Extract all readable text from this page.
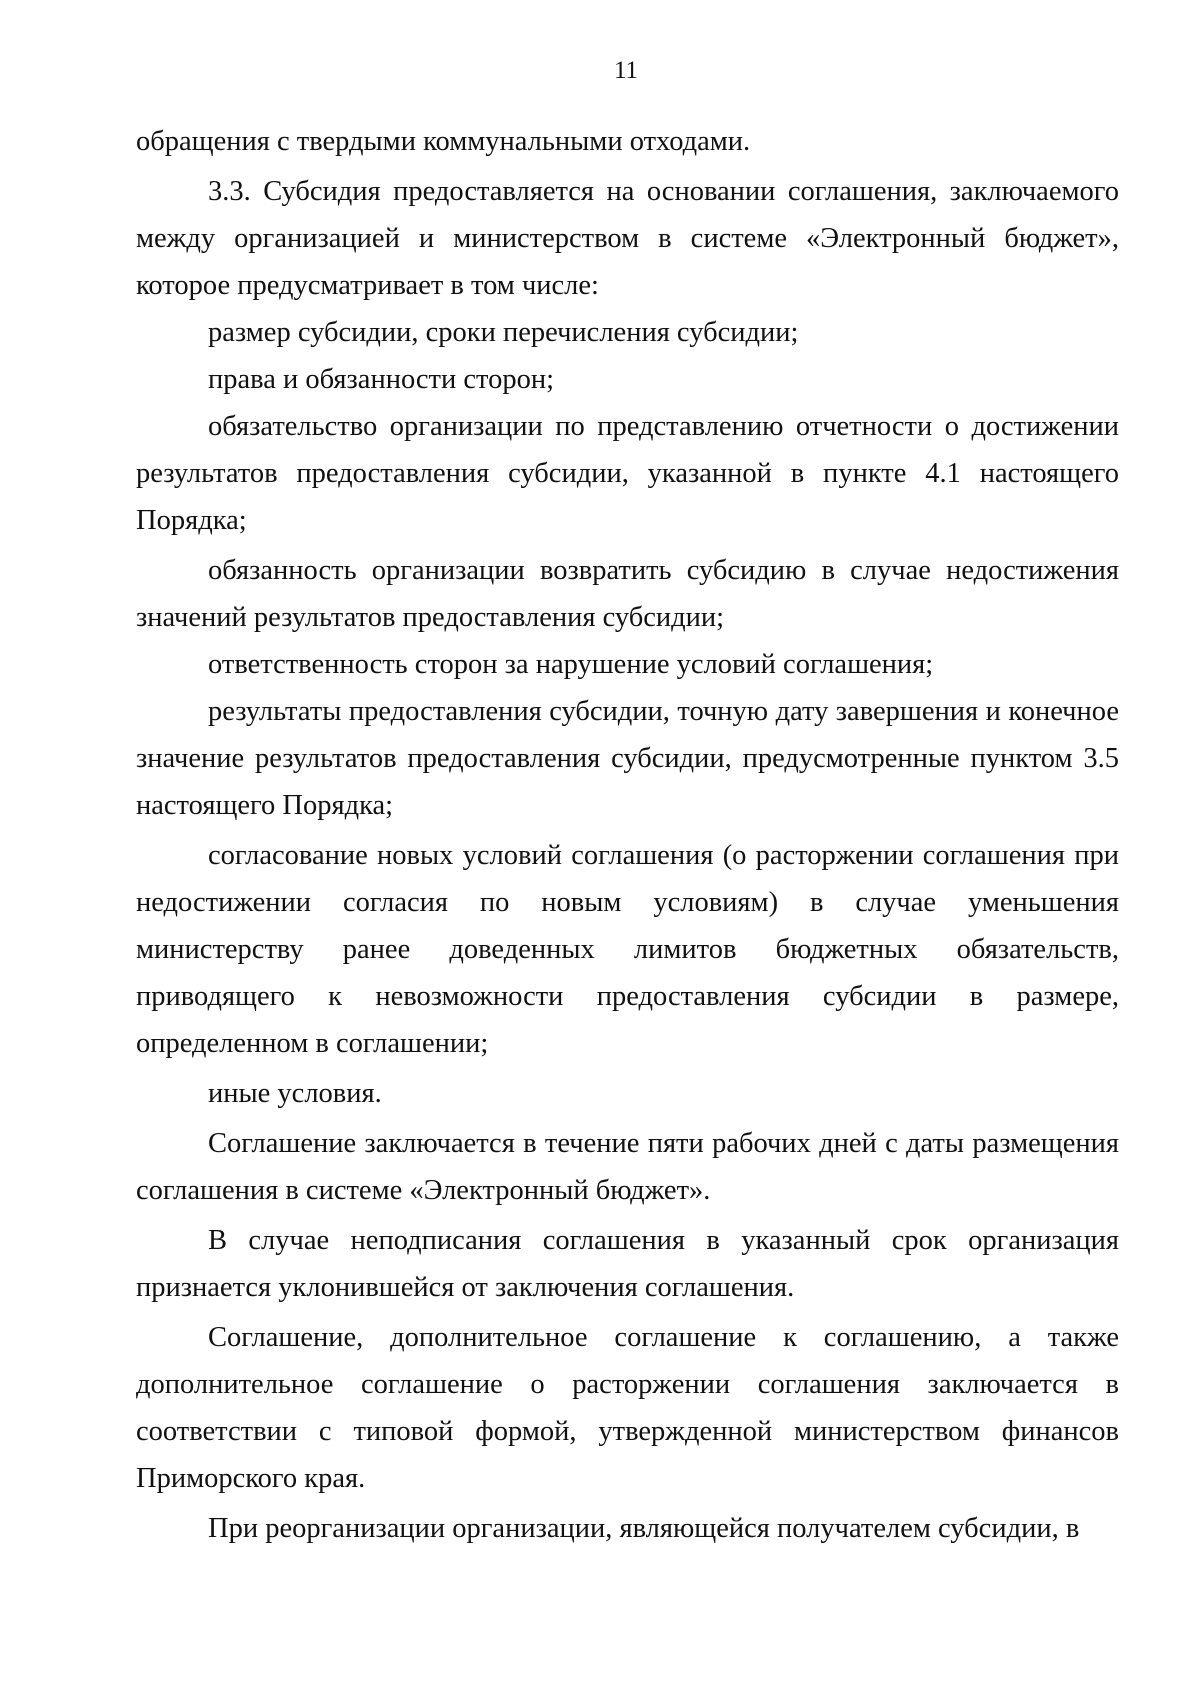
11

обращения с твердыми коммунальными отходами.

3.3. Субсидия предоставляется на основании соглашения, заключаемого между организацией и министерством в системе «Электронный бюджет», которое предусматривает в том числе:

размер субсидии, сроки перечисления субсидии;

права и обязанности сторон;

обязательство организации по представлению отчетности о достижении результатов предоставления субсидии, указанной в пункте 4.1 настоящего Порядка;

обязанность организации возвратить субсидию в случае недостижения значений результатов предоставления субсидии;

ответственность сторон за нарушение условий соглашения;

результаты предоставления субсидии, точную дату завершения и конечное значение результатов предоставления субсидии, предусмотренные пунктом 3.5 настоящего Порядка;

согласование новых условий соглашения (о расторжении соглашения при недостижении согласия по новым условиям) в случае уменьшения министерству ранее доведенных лимитов бюджетных обязательств, приводящего к невозможности предоставления субсидии в размере, определенном в соглашении;

иные условия.

Соглашение заключается в течение пяти рабочих дней с даты размещения соглашения в системе «Электронный бюджет».

В случае неподписания соглашения в указанный срок организация признается уклонившейся от заключения соглашения.

Соглашение, дополнительное соглашение к соглашению, а также дополнительное соглашение о расторжении соглашения заключается в соответствии с типовой формой, утвержденной министерством финансов Приморского края.

При реорганизации организации, являющейся получателем субсидии, в
